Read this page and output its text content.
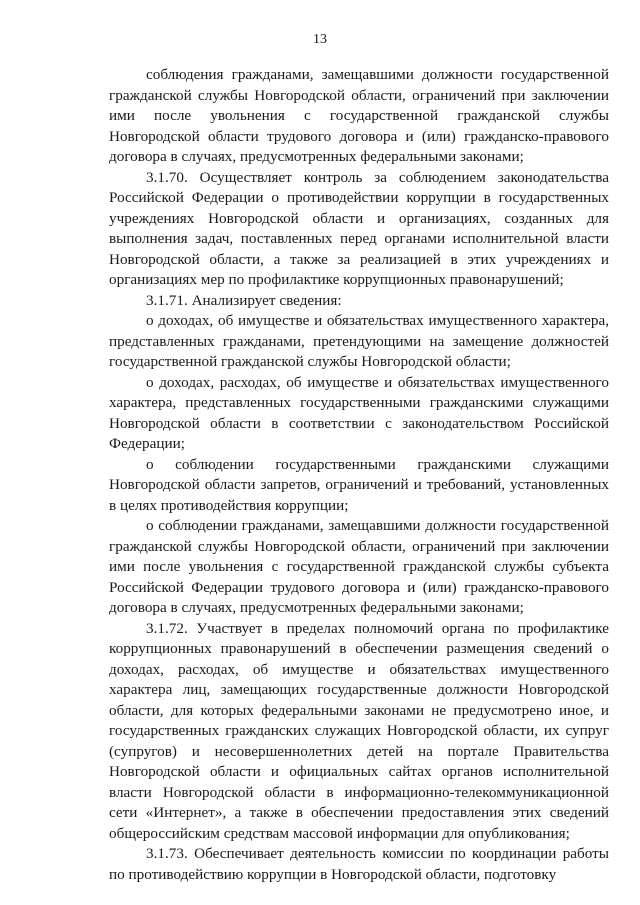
13

соблюдения гражданами, замещавшими должности государственной гражданской службы Новгородской области, ограничений при заключении ими после увольнения с государственной гражданской службы Новгородской области трудового договора и (или) гражданско-правового договора в случаях, предусмотренных федеральными законами;

3.1.70. Осуществляет контроль за соблюдением законодательства Российской Федерации о противодействии коррупции в государственных учреждениях Новгородской области и организациях, созданных для выполнения задач, поставленных перед органами исполнительной власти Новгородской области, а также за реализацией в этих учреждениях и организациях мер по профилактике коррупционных правонарушений;

3.1.71. Анализирует сведения:

о доходах, об имуществе и обязательствах имущественного характера, представленных гражданами, претендующими на замещение должностей государственной гражданской службы Новгородской области;

о доходах, расходах, об имуществе и обязательствах имущественного характера, представленных государственными гражданскими служащими Новгородской области в соответствии с законодательством Российской Федерации;

о соблюдении государственными гражданскими служащими Новгородской области запретов, ограничений и требований, установленных в целях противодействия коррупции;

о соблюдении гражданами, замещавшими должности государственной гражданской службы Новгородской области, ограничений при заключении ими после увольнения с государственной гражданской службы субъекта Российской Федерации трудового договора и (или) гражданско-правового договора в случаях, предусмотренных федеральными законами;

3.1.72. Участвует в пределах полномочий органа по профилактике коррупционных правонарушений в обеспечении размещения сведений о доходах, расходах, об имуществе и обязательствах имущественного характера лиц, замещающих государственные должности Новгородской области, для которых федеральными законами не предусмотрено иное, и государственных гражданских служащих Новгородской области, их супруг (супругов) и несовершеннолетних детей на портале Правительства Новгородской области и официальных сайтах органов исполнительной власти Новгородской области в информационно-телекоммуникационной сети «Интернет», а также в обеспечении предоставления этих сведений общероссийским средствам массовой информации для опубликования;

3.1.73. Обеспечивает деятельность комиссии по координации работы по противодействию коррупции в Новгородской области, подготовку
